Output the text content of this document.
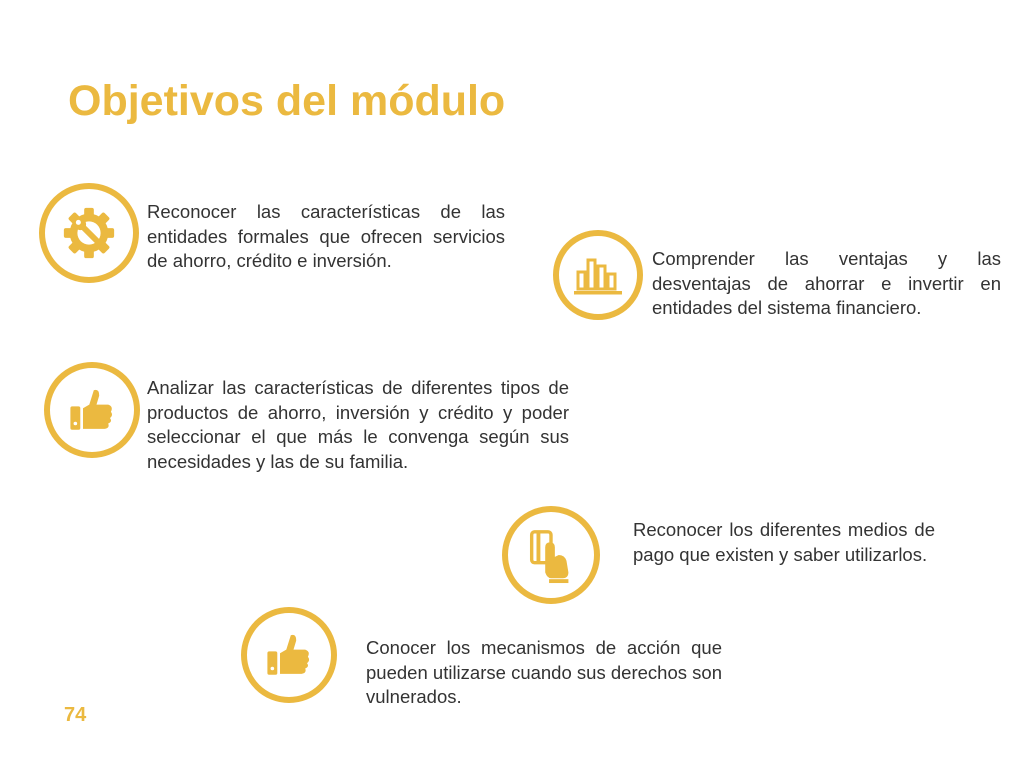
Objetivos del módulo

Reconocer las características de las entidades formales que ofrecen servicios de ahorro, crédito e inversión.	Comprender las ventajas y las desventajas de ahorrar e invertir en entidades del sistema financiero.

Analizar las características de diferentes tipos de productos de ahorro, inversión y crédito y poder seleccionar el que más le convenga según sus necesidades y las de su familia.

Reconocer los diferentes medios de pago que existen y saber utilizarlos.

Conocer los mecanismos de acción que pueden utilizarse cuando sus derechos son vulnerados.

74
